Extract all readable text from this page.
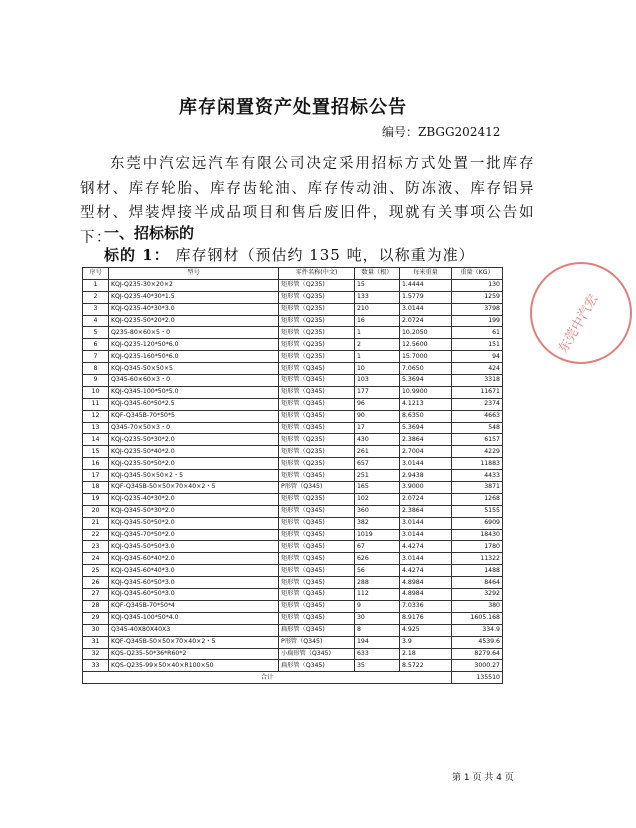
库存闲置资产处置招标公告
编号：ZBGG202412
东莞中汽宏远汽车有限公司决定采用招标方式处置一批库存钢材、库存轮胎、库存齿轮油、库存传动油、防冻液、库存铝异型材、焊装焊接半成品项目和售后废旧件，现就有关事项公告如下：
一、招标标的
标的 1： 库存钢材（预估约 135 吨，以称重为准）
序号	型号	零件名称(中文)	数量（根）	每米重量	重量（KG）
1	KQJ-Q235-30×20×2	矩形管（Q235)	15	1.4444	130
2	KQJ-Q235-40*30*1.5	矩形管（Q235)	133	1.5779	1259
3	KQJ-Q235-40*30*3.0	矩形管（Q235)	210	3.0144	3798
4	KQJ-Q235-50*20*2.0	矩形管（Q235)	16	2.0724	199
5	Q235-80×60×5・0	矩形管（Q235)	1	10.2050	61
6	KQJ-Q235-120*50*6.0	矩形管（Q235)	2	12.5600	151
7	KQJ-Q235-160*50*6.0	矩形管（Q235)	1	15.7000	94
8	KQJ-Q345-50×50×5	矩形管（Q345)	10	7.0650	424
9	Q345-60×60×3・0	矩形管（Q345)	103	5.3694	3318
10	KQJ-Q345-100*50*5.0	矩形管（Q345)	177	10.9900	11671
11	KQJ-Q345-60*50*2.5	矩形管（Q345)	96	4.1213	2374
12	KQF-Q345B-70*50*5	矩形管（Q345)	90	8.6350	4663
13	Q345-70×50×3・0	矩形管（Q345)	17	5.3694	548
14	KQJ-Q235-50*30*2.0	矩形管（Q235)	430	2.3864	6157
15	KQJ-Q235-50*40*2.0	矩形管（Q235)	261	2.7004	4229
16	KQJ-Q235-50*50*2.0	矩形管（Q235)	657	3.0144	11883
17	KQJ-Q345-50×50×2・5	矩形管（Q345)	251	2.9438	4433
18	KQF-Q345B-50×50×70×40×2・5	P形管（Q345)	165	3.9000	3871
19	KQJ-Q235-40*30*2.0	矩形管（Q235)	102	2.0724	1268
20	KQJ-Q345-50*30*2.0	矩形管（Q345)	360	2.3864	5155
21	KQJ-Q345-50*50*2.0	矩形管（Q345)	382	3.0144	6909
22	KQJ-Q345-70*50*2.0	矩形管（Q345)	1019	3.0144	18430
23	KQJ-Q345-50*50*3.0	矩形管（Q345)	67	4.4274	1780
24	KQJ-Q345-60*40*2.0	矩形管（Q345)	626	3.0144	11322
25	KQJ-Q345-60*40*3.0	矩形管（Q345)	56	4.4274	1488
26	KQJ-Q345-60*50*3.0	矩形管（Q345)	288	4.8984	8464
27	KQJ-Q345-60*50*3.0	矩形管（Q345)	112	4.8984	3292
28	KQF-Q345B-70*50*4	矩形管（Q345)	9	7.0336	380
29	KQJ-Q345-100*50*4.0	矩形管（Q345)	30	8.9176	1605.168
30	Q345-40X80X40X3	扁形管（Q345)	8	4.925	334.9
31	KQF-Q345B-50×50×70×40×2・5	P形管（Q345)	194	3.9	4539.6
32	KQS-Q235-50*36*R60*2	小扁形管（Q345)	633	2.18	8279.64
33	KQS-Q235-99×50×40×R100×50	扁形管（Q345)	35	8.5722	3000.27
合计					135510
东莞中汽宏
第 1 页 共 4 页
